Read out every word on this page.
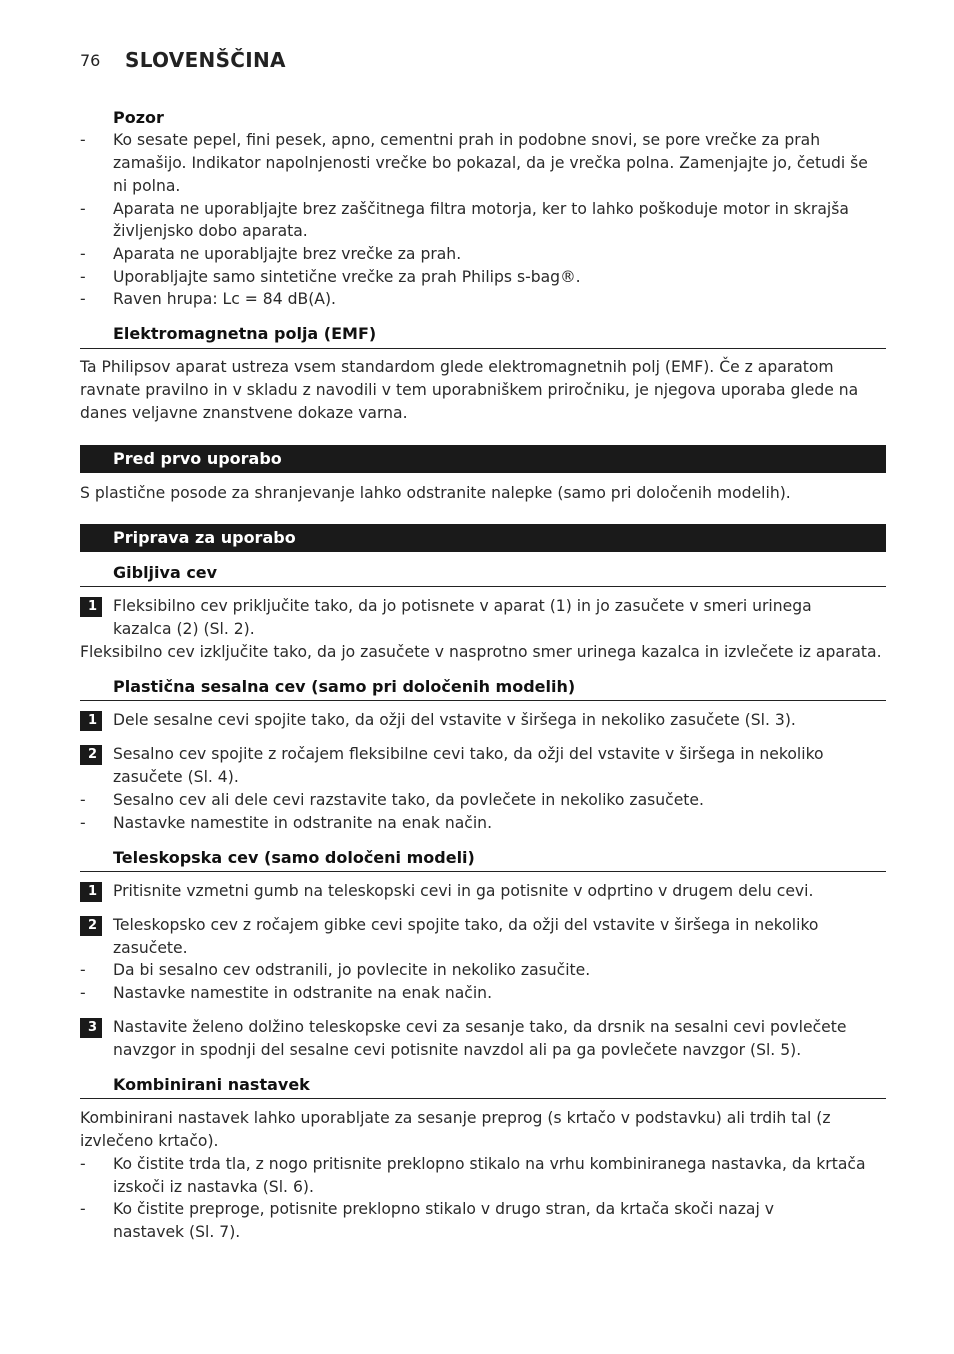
76 SLOVENŠČINA
Pozor
- Ko sesate pepel, fini pesek, apno, cementni prah in podobne snovi, se pore vrečke za prah
zamašijo. Indikator napolnjenosti vrečke bo pokazal, da je vrečka polna. Zamenjajte jo, četudi še
ni polna.
- Aparata ne uporabljajte brez zaščitnega filtra motorja, ker to lahko poškoduje motor in skrajša
življenjsko dobo aparata.
- Aparata ne uporabljajte brez vrečke za prah.
- Uporabljajte samo sintetične vrečke za prah Philips s-bag®.
- Raven hrupa: Lc = 84 dB(A).
Elektromagnetna polja (EMF)
Ta Philipsov aparat ustreza vsem standardom glede elektromagnetnih polj (EMF). Če z aparatom
ravnate pravilno in v skladu z navodili v tem uporabniškem priročniku, je njegova uporaba glede na
danes veljavne znanstvene dokaze varna.
Pred prvo uporabo
S plastične posode za shranjevanje lahko odstranite nalepke (samo pri določenih modelih).
Priprava za uporabo
Gibljiva cev
1	Fleksibilno cev priključite tako, da jo potisnete v aparat (1) in jo zasučete v smeri urinega
kazalca (2) (Sl. 2).
Fleksibilno cev izključite tako, da jo zasučete v nasprotno smer urinega kazalca in izvlečete iz aparata.
Plastična sesalna cev (samo pri določenih modelih)
1	Dele sesalne cevi spojite tako, da ožji del vstavite v širšega in nekoliko zasučete (Sl. 3).
2	Sesalno cev spojite z ročajem fleksibilne cevi tako, da ožji del vstavite v širšega in nekoliko
zasučete (Sl. 4).
- Sesalno cev ali dele cevi razstavite tako, da povlečete in nekoliko zasučete.
- Nastavke namestite in odstranite na enak način.
Teleskopska cev (samo določeni modeli)
1	Pritisnite vzmetni gumb na teleskopski cevi in ga potisnite v odprtino v drugem delu cevi.
2	Teleskopsko cev z ročajem gibke cevi spojite tako, da ožji del vstavite v širšega in nekoliko
zasučete.
- Da bi sesalno cev odstranili, jo povlecite in nekoliko zasučite.
- Nastavke namestite in odstranite na enak način.
3	Nastavite želeno dolžino teleskopske cevi za sesanje tako, da drsnik na sesalni cevi povlečete
navzgor in spodnji del sesalne cevi potisnite navzdol ali pa ga povlečete navzgor (Sl. 5).
Kombinirani nastavek
Kombinirani nastavek lahko uporabljate za sesanje preprog (s krtačo v podstavku) ali trdih tal (z
izvlečeno krtačo).
- Ko čistite trda tla, z nogo pritisnite preklopno stikalo na vrhu kombiniranega nastavka, da krtača
izskoči iz nastavka (Sl. 6).
- Ko čistite preproge, potisnite preklopno stikalo v drugo stran, da krtača skoči nazaj v
nastavek (Sl. 7).
